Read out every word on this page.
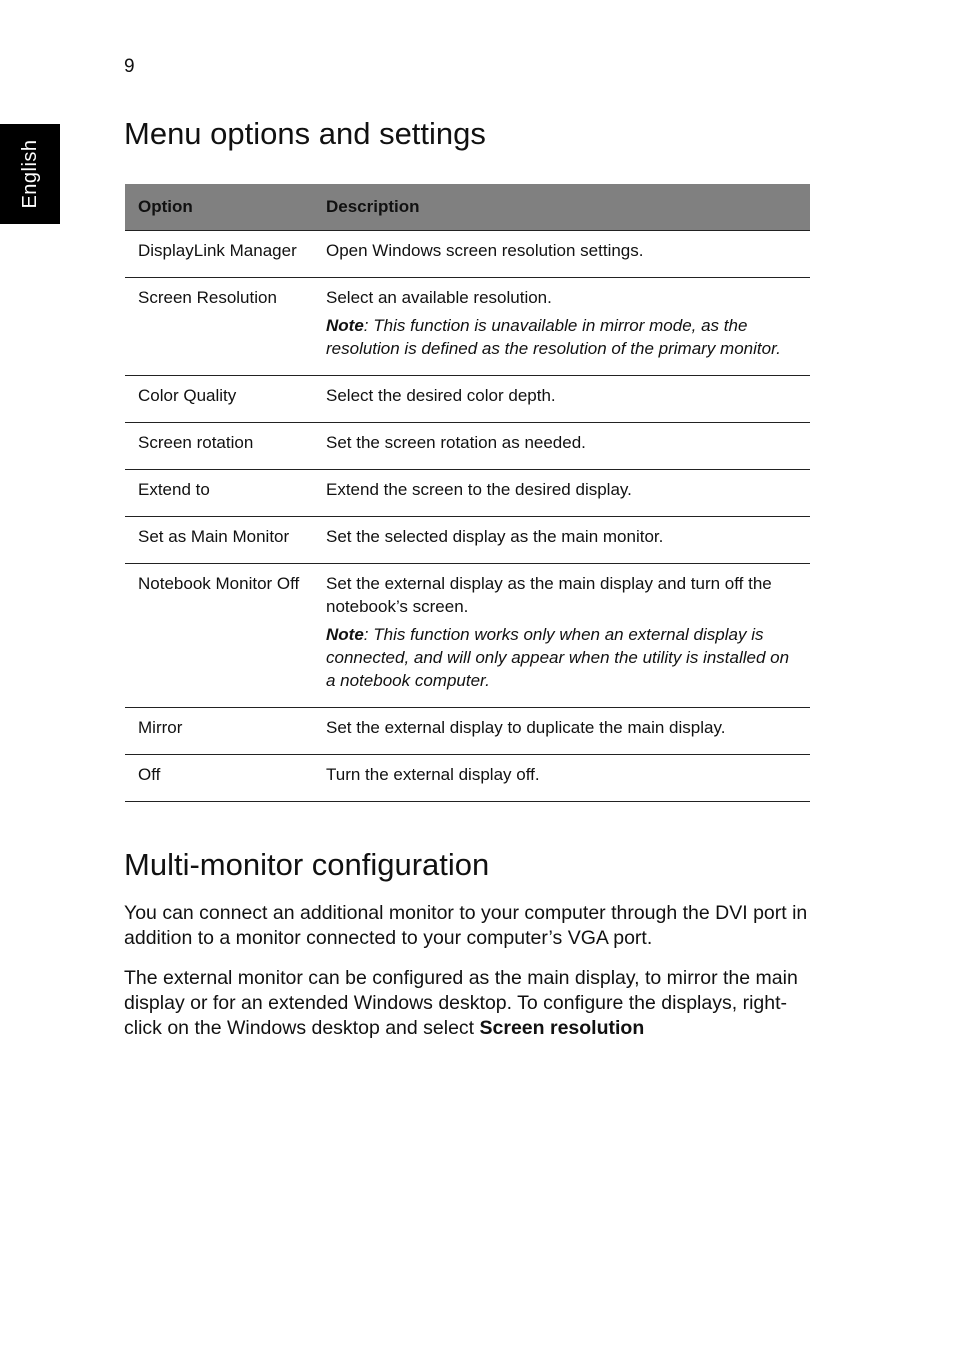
9
English
Menu options and settings
Option	Description
DisplayLink Manager	Open Windows screen resolution settings.

Screen Resolution	Select an available resolution.
Note: This function is unavailable in mirror mode, as the resolution is defined as the resolution of the primary monitor.

Color Quality	Select the desired color depth.

Screen rotation	Set the screen rotation as needed.

Extend to	Extend the screen to the desired display.

Set as Main Monitor	Set the selected display as the main monitor.

Notebook Monitor Off	Set the external display as the main display and turn off the notebook’s screen.
Note: This function works only when an external display is connected, and will only appear when the utility is installed on a notebook computer.

Mirror	Set the external display to duplicate the main display.

Off	Turn the external display off.
Multi-monitor configuration

You can connect an additional monitor to your computer through the DVI port in addition to a monitor connected to your computer’s VGA port.

The external monitor can be configured as the main display, to mirror the main display or for an extended Windows desktop. To configure the displays, right-click on the Windows desktop and select Screen resolution
